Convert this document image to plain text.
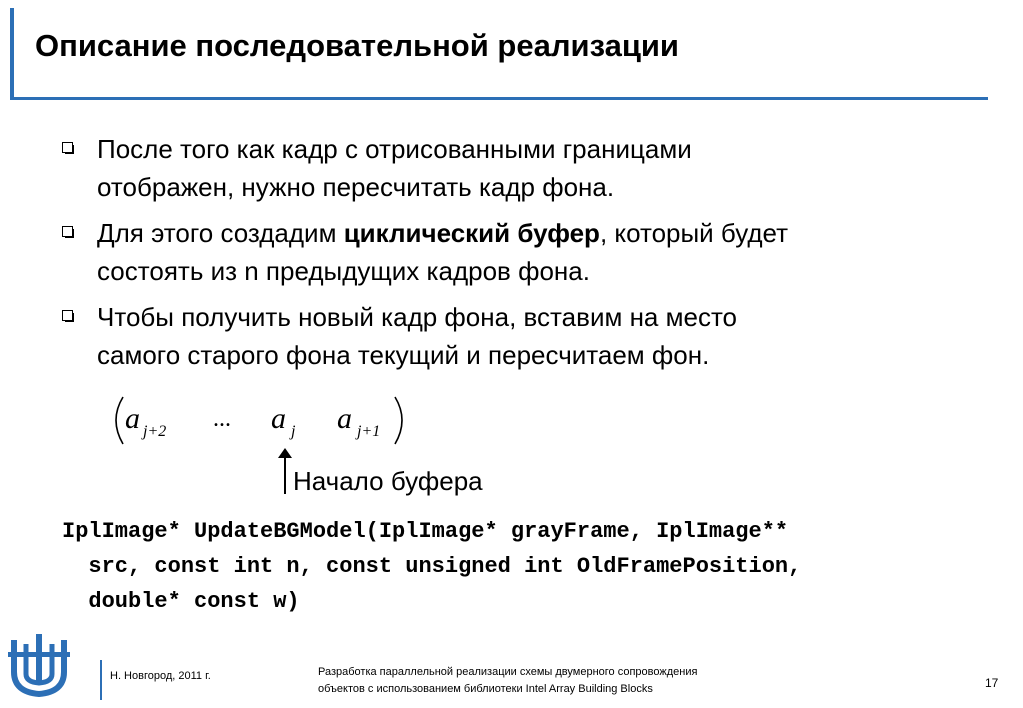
Описание последовательной реализации
После того как кадр с отрисованными границами
отображен, нужно пересчитать кадр фона.
Для этого создадим циклический буфер, который будет
состоять из n предыдущих кадров фона.
Чтобы получить новый кадр фона, вставим на место
самого старого фона текущий и пересчитаем фон.
a j+2 ... a j a j+1
Начало буфера
IplImage* UpdateBGModel(IplImage* grayFrame, IplImage**
src, const int n, const unsigned int OldFramePosition,
double* const w)
Н. Новгород, 2011 г.	Разработка параллельной реализации схемы двумерного сопровождения
объектов с использованием библиотеки Intel Array Building Blocks	17
